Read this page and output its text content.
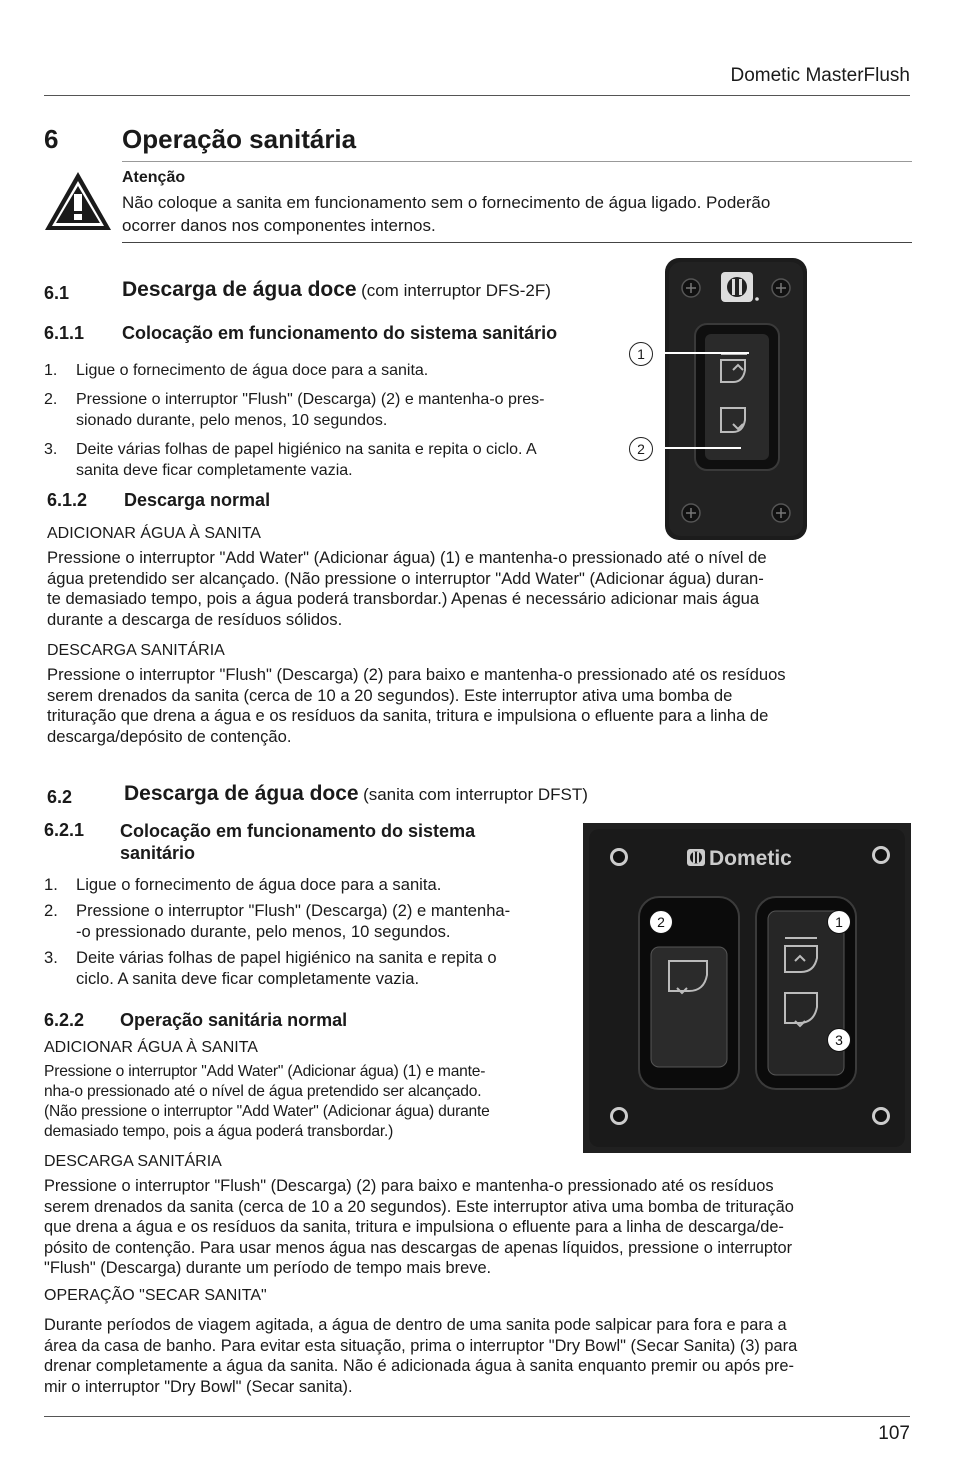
Dometic MasterFlush
6 Operação sanitária
Atenção
Não coloque a sanita em funcionamento sem o fornecimento de água ligado. Poderão
ocorrer danos nos componentes internos.
6.1	Descarga de água doce (com interruptor DFS-2F)
6.1.1 Colocação em funcionamento do sistema sanitário
1. Ligue o fornecimento de água doce para a sanita.
2. Pressione o interruptor "Flush" (Descarga) (2) e mantenha-o pres-
sionado durante, pelo menos, 10 segundos.
3. Deite várias folhas de papel higiénico na sanita e repita o ciclo. A
sanita deve ficar completamente vazia.
6.1.2 Descarga normal
ADICIONAR ÁGUA À SANITA
Pressione o interruptor "Add Water" (Adicionar água) (1) e mantenha-o pressionado até o nível de
água pretendido ser alcançado. (Não pressione o interruptor "Add Water" (Adicionar água) duran-
te demasiado tempo, pois a água poderá transbordar.) Apenas é necessário adicionar mais água
durante a descarga de resíduos sólidos.
DESCARGA SANITÁRIA
Pressione o interruptor "Flush" (Descarga) (2) para baixo e mantenha-o pressionado até os resíduos
serem drenados da sanita (cerca de 10 a 20 segundos). Este interruptor ativa uma bomba de
trituração que drena a água e os resíduos da sanita, tritura e impulsiona o efluente para a linha de
descarga/depósito de contenção.
1
2
6.2 Descarga de água doce (sanita com interruptor DFST)
6.2.1 Colocação em funcionamento do sistema
sanitário
1. Ligue o fornecimento de água doce para a sanita.
2. Pressione o interruptor "Flush" (Descarga) (2) e mantenha-
-o pressionado durante, pelo menos, 10 segundos.
3. Deite várias folhas de papel higiénico na sanita e repita o
ciclo. A sanita deve ficar completamente vazia.
6.2.2 Operação sanitária normal
ADICIONAR ÁGUA À SANITA
Pressione o interruptor "Add Water" (Adicionar água) (1) e mante-
nha-o pressionado até o nível de água pretendido ser alcançado.
(Não pressione o interruptor "Add Water" (Adicionar água) durante
demasiado tempo, pois a água poderá transbordar.)
DESCARGA SANITÁRIA
Pressione o interruptor "Flush" (Descarga) (2) para baixo e mantenha-o pressionado até os resíduos
serem drenados da sanita (cerca de 10 a 20 segundos). Este interruptor ativa uma bomba de trituração
que drena a água e os resíduos da sanita, tritura e impulsiona o efluente para a linha de descarga/de-
pósito de contenção. Para usar menos água nas descargas de apenas líquidos, pressione o interruptor
"Flush" (Descarga) durante um período de tempo mais breve.
OPERAÇÃO "SECAR SANITA"
Durante períodos de viagem agitada, a água de dentro de uma sanita pode salpicar para fora e para a
área da casa de banho. Para evitar esta situação, prima o interruptor "Dry Bowl" (Secar Sanita) (3) para
drenar completamente a água da sanita. Não é adicionada água à sanita enquanto premir ou após pre-
mir o interruptor "Dry Bowl" (Secar sanita).
2	1
3
Dometic
107
